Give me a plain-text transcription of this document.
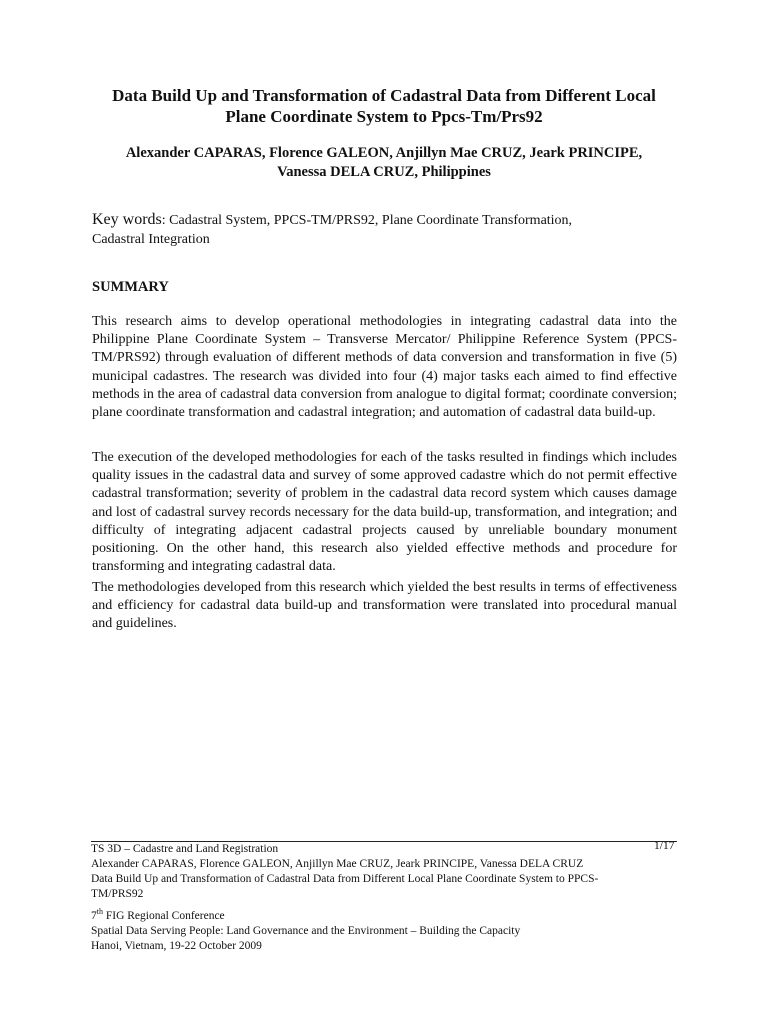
Data Build Up and Transformation of Cadastral Data from Different Local
Plane Coordinate System to Ppcs-Tm/Prs92
Alexander CAPARAS, Florence GALEON, Anjillyn Mae CRUZ, Jeark PRINCIPE,
Vanessa DELA CRUZ, Philippines
Key words: Cadastral System, PPCS-TM/PRS92, Plane Coordinate Transformation,
Cadastral Integration
SUMMARY

This research aims to develop operational methodologies in integrating cadastral data into the Philippine Plane Coordinate System – Transverse Mercator/ Philippine Reference System (PPCS-TM/PRS92) through evaluation of different methods of data conversion and transformation in five (5) municipal cadastres. The research was divided into four (4) major tasks each aimed to find effective methods in the area of cadastral data conversion from analogue to digital format; coordinate conversion; plane coordinate transformation and cadastral integration; and automation of cadastral data build-up.

The execution of the developed methodologies for each of the tasks resulted in findings which includes quality issues in the cadastral data and survey of some approved cadastre which do not permit effective cadastral transformation; severity of problem in the cadastral data record system which causes damage and lost of cadastral survey records necessary for the data build-up, transformation, and integration; and difficulty of integrating adjacent cadastral projects caused by unreliable boundary monument positioning. On the other hand, this research also yielded effective methods and procedure for transforming and integrating cadastral data.

The methodologies developed from this research which yielded the best results in terms of effectiveness and efficiency for cadastral data build-up and transformation were translated into procedural manual and guidelines.

1/17
TS 3D – Cadastre and Land Registration
Alexander CAPARAS, Florence GALEON, Anjillyn Mae CRUZ, Jeark PRINCIPE, Vanessa DELA CRUZ
Data Build Up and Transformation of Cadastral Data from Different Local Plane Coordinate System to PPCS-
TM/PRS92
7th FIG Regional Conference
Spatial Data Serving People: Land Governance and the Environment – Building the Capacity
Hanoi, Vietnam, 19-22 October 2009
